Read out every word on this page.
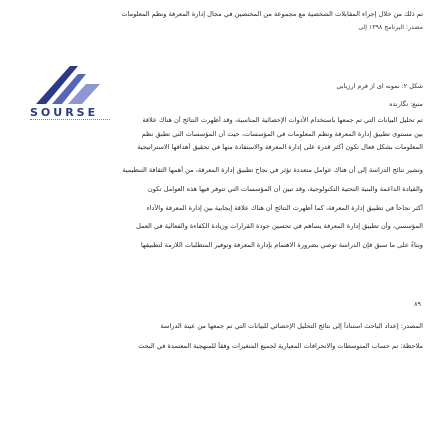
تم ذلك من خلال إجراء المقابلات الشخصية مع مجموعة من المختصين في مجال إدارة المعرفة ونظم المعلومات
مصدر: البرنامج ١٣٩٨ إلى
SOURSE
شکل ۲: نمونه ای از فرم ارزیابی
منبع: نگارنده
تم تحليل البيانات التي تم جمعها باستخدام الأدوات الإحصائية المناسبة، وقد أظهرت النتائج أن هناك علاقة
بين مستوى تطبيق إدارة المعرفة ونظم المعلومات في المؤسسات، حيث أن المؤسسات التي تطبق نظم
المعلومات بشكل فعال تكون أكثر قدرة على إدارة المعرفة والاستفادة منها في تحقيق أهدافها الاستراتيجية
وتشير نتائج الدراسة إلى أن هناك عوامل متعددة تؤثر في نجاح تطبيق إدارة المعرفة، من أهمها الثقافة التنظيمية
والقيادة الداعمة والبنية التحتية التكنولوجية، وقد تبين أن المؤسسات التي تتوفر فيها هذه العوامل تكون
أكثر نجاحاً في تطبيق إدارة المعرفة، كما أظهرت النتائج أن هناك علاقة إيجابية بين إدارة المعرفة والأداء
المؤسسي، وأن تطبيق إدارة المعرفة يساهم في تحسين جودة القرارات وزيادة الكفاءة والفعالية في العمل
وبناءً على ما سبق فإن الدراسة توصي بضرورة الاهتمام بإدارة المعرفة وتوفير المتطلبات اللازمة لتطبيقها
٨٩
المصدر: إعداد الباحث استناداً إلى نتائج التحليل الإحصائي للبيانات التي تم جمعها من عينة الدراسة
ملاحظة: تم حساب المتوسطات والانحرافات المعيارية لجميع المتغيرات وفقاً للمنهجية المعتمدة في البحث
